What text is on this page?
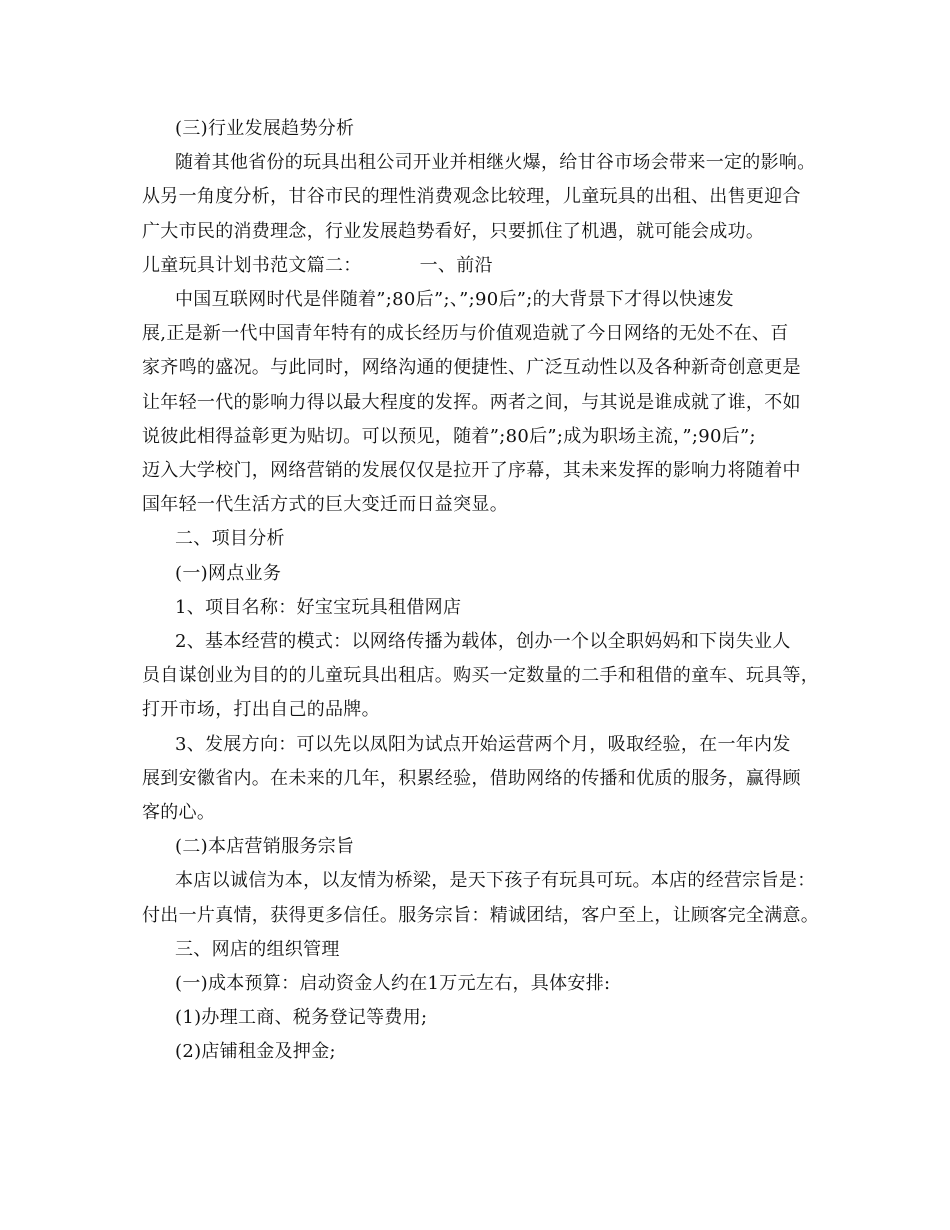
(三)行业发展趋势分析
随着其他省份的玩具出租公司开业并相继火爆，给甘谷市场会带来一定的影响。
从另一角度分析，甘谷市民的理性消费观念比较理，儿童玩具的出租、出售更迎合
广大市民的消费理念，行业发展趋势看好，只要抓住了机遇，就可能会成功。
儿童玩具计划书范文篇二：	一、前沿
中国互联网时代是伴随着”;80后”;、”;90后”;的大背景下才得以快速发
展,正是新一代中国青年特有的成长经历与价值观造就了今日网络的无处不在、百
家齐鸣的盛况。与此同时，网络沟通的便捷性、广泛互动性以及各种新奇创意更是
让年轻一代的影响力得以最大程度的发挥。两者之间，与其说是谁成就了谁，不如
说彼此相得益彰更为贴切。可以预见，随着”;80后”;成为职场主流，”;90后”;
迈入大学校门，网络营销的发展仅仅是拉开了序幕，其未来发挥的影响力将随着中
国年轻一代生活方式的巨大变迁而日益突显。
二、项目分析
(一)网点业务
1、项目名称：好宝宝玩具租借网店
2、基本经营的模式：以网络传播为载体，创办一个以全职妈妈和下岗失业人
员自谋创业为目的的儿童玩具出租店。购买一定数量的二手和租借的童车、玩具等，
打开市场，打出自己的品牌。
3、发展方向：可以先以凤阳为试点开始运营两个月，吸取经验，在一年内发
展到安徽省内。在未来的几年，积累经验，借助网络的传播和优质的服务，赢得顾
客的心。
(二)本店营销服务宗旨
本店以诚信为本，以友情为桥梁，是天下孩子有玩具可玩。本店的经营宗旨是：
付出一片真情，获得更多信任。服务宗旨：精诚团结，客户至上，让顾客完全满意。
三、网店的组织管理
(一)成本预算：启动资金人约在1万元左右，具体安排:
(1)办理工商、税务登记等费用;
(2)店铺租金及押金;
